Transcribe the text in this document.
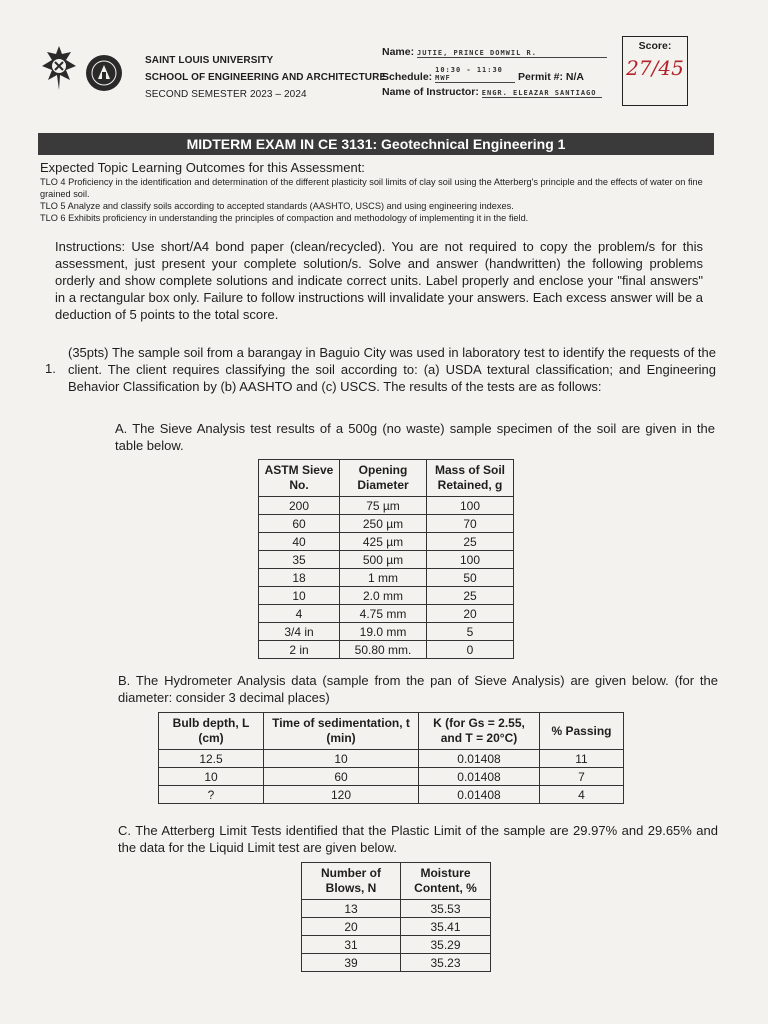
SAINT LOUIS UNIVERSITY
SCHOOL OF ENGINEERING AND ARCHITECTURE
SECOND SEMESTER 2023 – 2024
Name: JUTIE, PRINCE DOMWIL R.
Schedule: 10:30 - 11:30 MWF	Permit #: N/A
Name of Instructor: ENGR. ELEAZAR SANTIAGO
Score:
27/45
MIDTERM EXAM IN CE 3131: Geotechnical Engineering 1
Expected Topic Learning Outcomes for this Assessment:
TLO 4 Proficiency in the identification and determination of the different plasticity soil limits of clay soil using the Atterberg's principle and the effects of water on fine grained soil.
TLO 5 Analyze and classify soils according to accepted standards (AASHTO, USCS) and using engineering indexes.
TLO 6 Exhibits proficiency in understanding the principles of compaction and methodology of implementing it in the field.
Instructions: Use short/A4 bond paper (clean/recycled). You are not required to copy the problem/s for this assessment, just present your complete solution/s. Solve and answer (handwritten) the following problems orderly and show complete solutions and indicate correct units. Label properly and enclose your "final answers" in a rectangular box only. Failure to follow instructions will invalidate your answers. Each excess answer will be a deduction of 5 points to the total score.
1.
(35pts) The sample soil from a barangay in Baguio City was used in laboratory test to identify the requests of the client. The client requires classifying the soil according to: (a) USDA textural classification; and Engineering Behavior Classification by (b) AASHTO and (c) USCS. The results of the tests are as follows:
A. The Sieve Analysis test results of a 500g (no waste) sample specimen of the soil are given in the table below.
ASTM Sieve No.	Opening Diameter	Mass of Soil Retained, g
200	75 µm	100
60	250 µm	70
40	425 µm	25
35	500 µm	100
18	1 mm	50
10	2.0 mm	25
4	4.75 mm	20
3/4 in	19.0 mm	5
2 in	50.80 mm.	0
B. The Hydrometer Analysis data (sample from the pan of Sieve Analysis) are given below. (for the diameter: consider 3 decimal places)
Bulb depth, L (cm)	Time of sedimentation, t (min)	K (for Gs = 2.55, and T = 20°C)	% Passing
12.5	10	0.01408	11
10	60	0.01408	7
?	120	0.01408	4
C. The Atterberg Limit Tests identified that the Plastic Limit of the sample are 29.97% and 29.65% and the data for the Liquid Limit test are given below.
Number of Blows, N	Moisture Content, %
13	35.53
20	35.41
31	35.29
39	35.23
